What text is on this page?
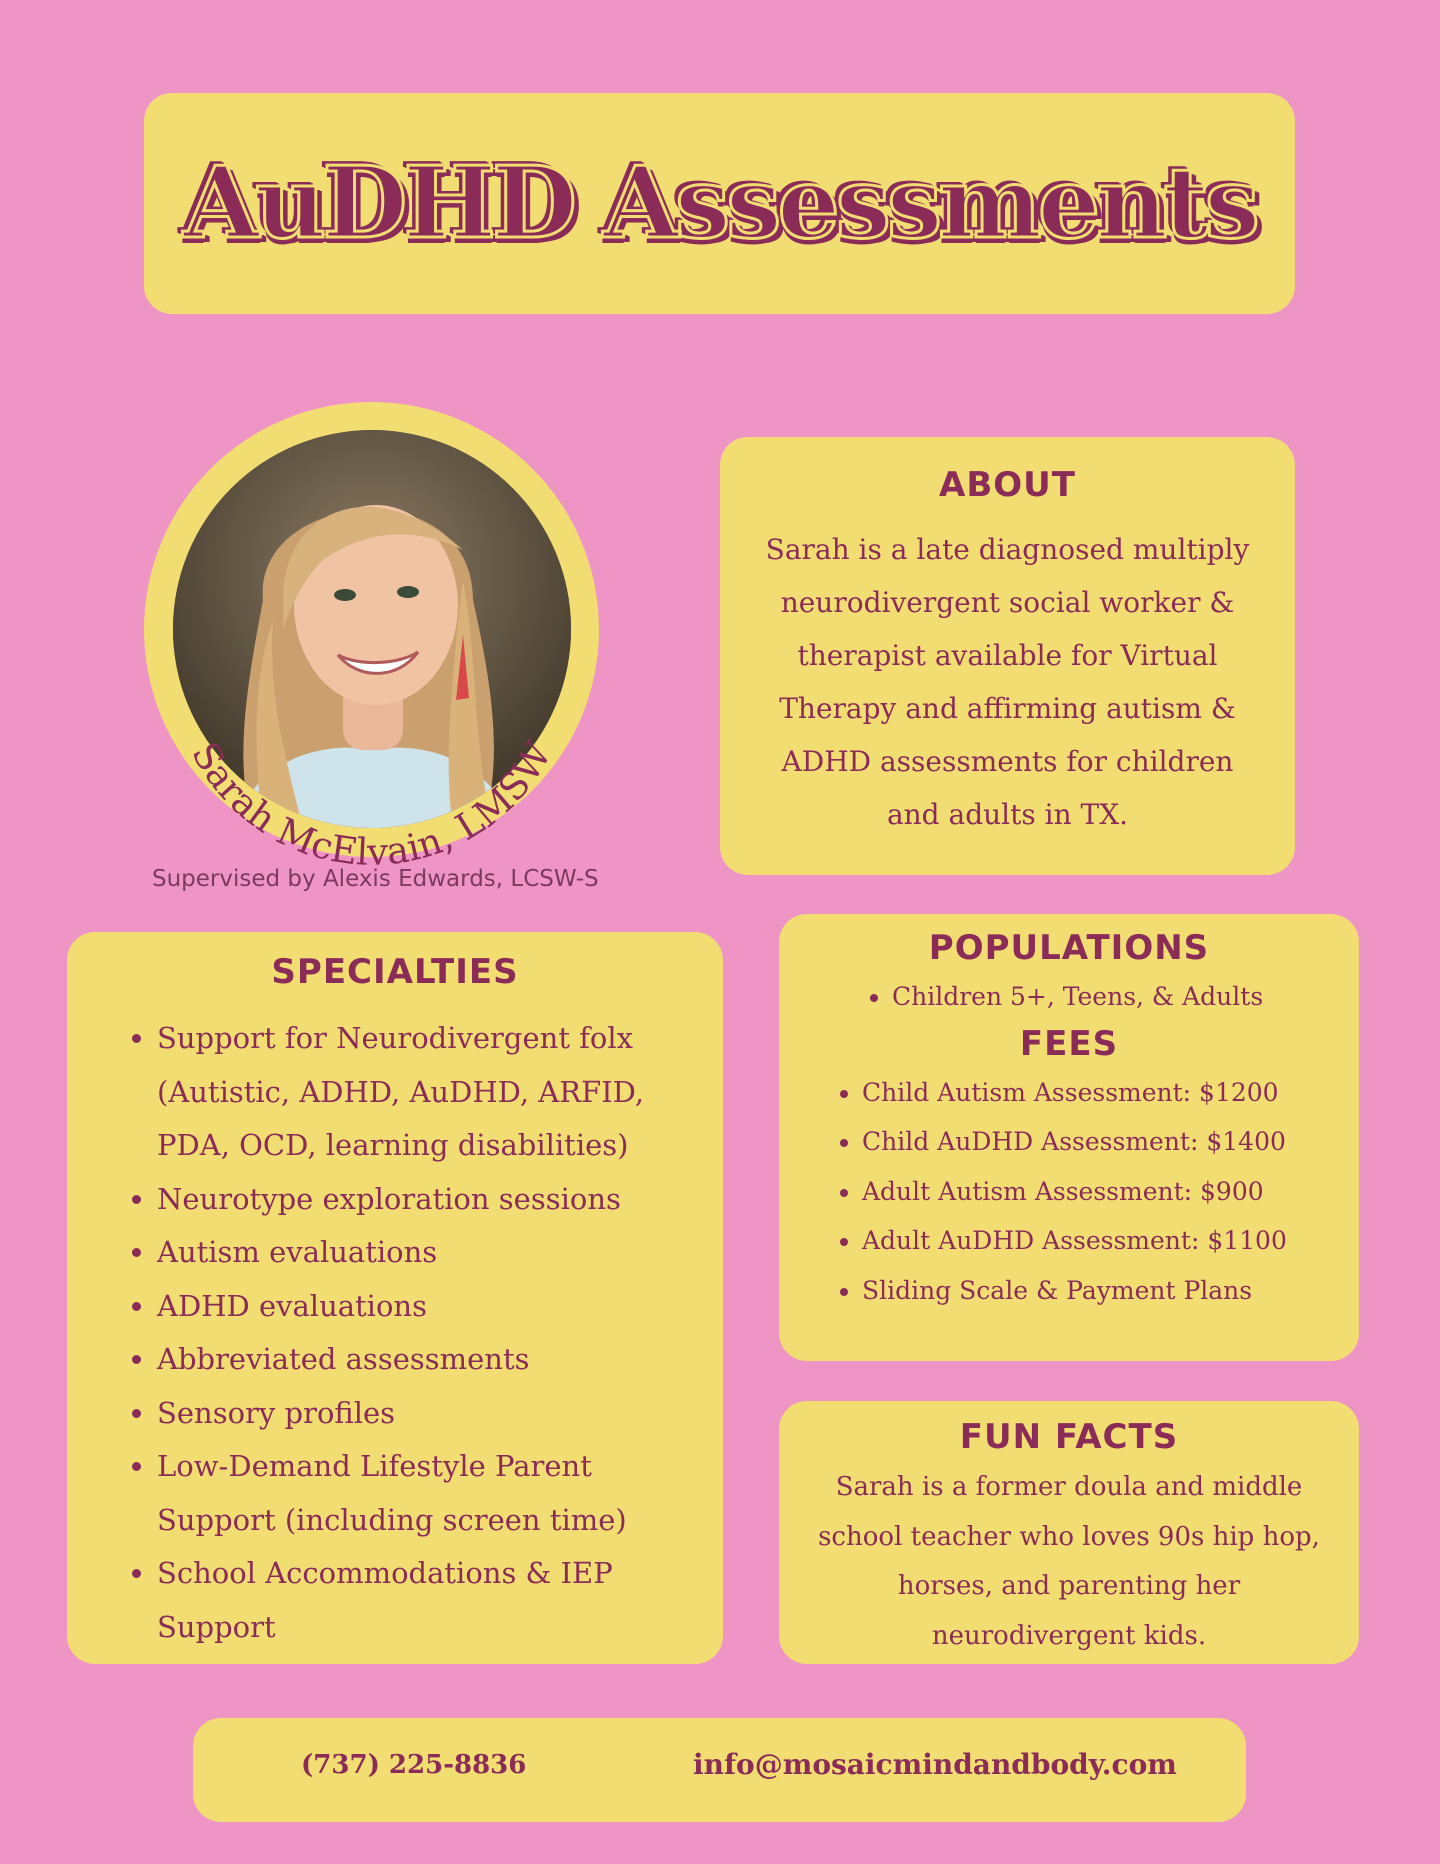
AuDHD Assessments
Sarah McElvain, LMSW
Supervised by Alexis Edwards, LCSW-S
ABOUT
Sarah is a late diagnosed multiply neurodivergent social worker & therapist available for Virtual Therapy and affirming autism & ADHD assessments for children and adults in TX.
SPECIALTIES
• Support for Neurodivergent folx (Autistic, ADHD, AuDHD, ARFID, PDA, OCD, learning disabilities)
• Neurotype exploration sessions
• Autism evaluations
• ADHD evaluations
• Abbreviated assessments
• Sensory profiles
• Low-Demand Lifestyle Parent Support (including screen time)
• School Accommodations & IEP Support
POPULATIONS
• Children 5+, Teens, & Adults
FEES
• Child Autism Assessment: $1200
• Child AuDHD Assessment: $1400
• Adult Autism Assessment: $900
• Adult AuDHD Assessment: $1100
• Sliding Scale & Payment Plans
FUN FACTS
Sarah is a former doula and middle school teacher who loves 90s hip hop, horses, and parenting her neurodivergent kids.
(737) 225-8836	info@mosaicmindandbody.com
